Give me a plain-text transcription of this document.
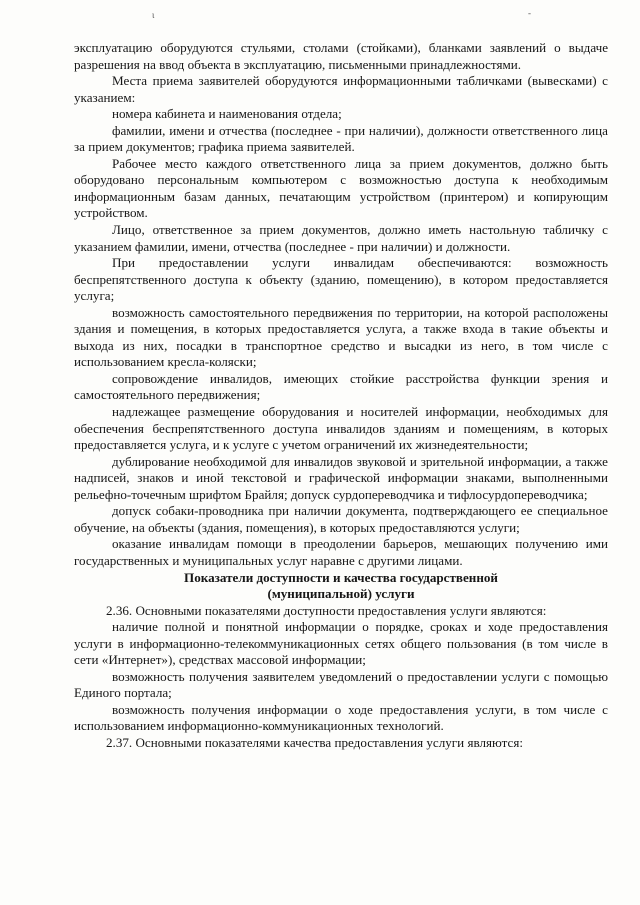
ι	-

эксплуатацию оборудуются стульями, столами (стойками), бланками заявлений о выдаче разрешения на ввод объекта в эксплуатацию, письменными принадлежностями.

Места приема заявителей оборудуются информационными табличками (вывесками) с указанием:

номера кабинета и наименования отдела;

фамилии, имени и отчества (последнее - при наличии), должности ответственного лица за прием документов; графика приема заявителей.

Рабочее место каждого ответственного лица за прием документов, должно быть оборудовано персональным компьютером с возможностью доступа к необходимым информационным базам данных, печатающим устройством (принтером) и копирующим устройством.

Лицо, ответственное за прием документов, должно иметь настольную табличку с указанием фамилии, имени, отчества (последнее - при наличии) и должности.

При предоставлении услуги инвалидам обеспечиваются: возможность беспрепятственного доступа к объекту (зданию, помещению), в котором предоставляется услуга;

возможность самостоятельного передвижения по территории, на которой расположены здания и помещения, в которых предоставляется услуга, а также входа в такие объекты и выхода из них, посадки в транспортное средство и высадки из него, в том числе с использованием кресла-коляски;

сопровождение инвалидов, имеющих стойкие расстройства функции зрения и самостоятельного передвижения;

надлежащее размещение оборудования и носителей информации, необходимых для обеспечения беспрепятственного доступа инвалидов зданиям и помещениям, в которых предоставляется услуга, и к услуге с учетом ограничений их жизнедеятельности;

дублирование необходимой для инвалидов звуковой и зрительной информации, а также надписей, знаков и иной текстовой и графической информации знаками, выполненными рельефно-точечным шрифтом Брайля; допуск сурдопереводчика и тифлосурдопереводчика;

допуск собаки-проводника при наличии документа, подтверждающего ее специальное обучение, на объекты (здания, помещения), в которых предоставляются услуги;

оказание инвалидам помощи в преодолении барьеров, мешающих получению ими государственных и муниципальных услуг наравне с другими лицами.

Показатели доступности и качества государственной

(муниципальной) услуги

2.36. Основными показателями доступности предоставления услуги являются:

наличие полной и понятной информации о порядке, сроках и ходе предоставления услуги в информационно-телекоммуникационных сетях общего пользования (в том числе в сети «Интернет»), средствах массовой информации;

возможность получения заявителем уведомлений о предоставлении услуги с помощью Единого портала;

возможность получения информации о ходе предоставления услуги, в том числе с использованием информационно-коммуникационных технологий.

2.37. Основными показателями качества предоставления услуги являются:
